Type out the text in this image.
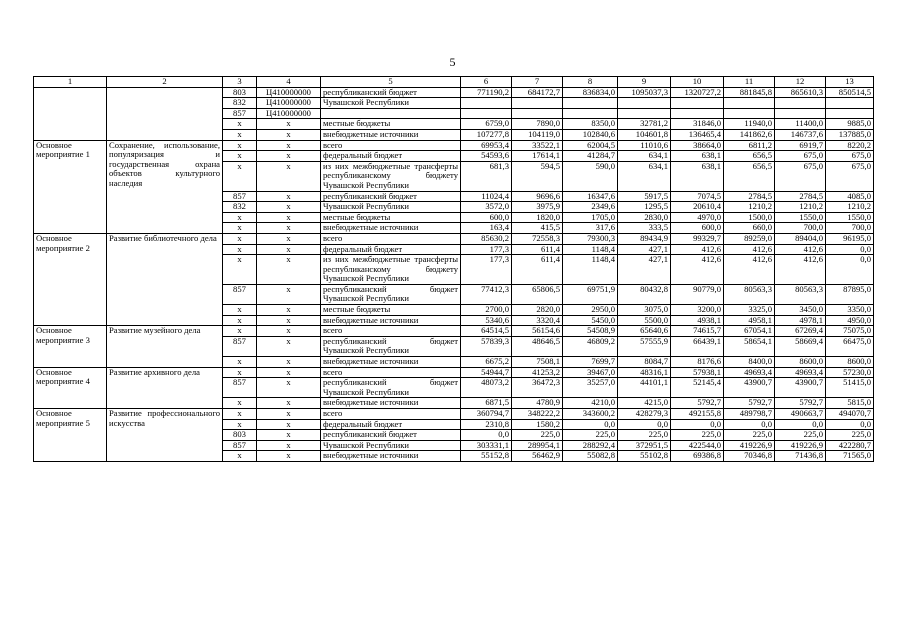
5
1	2	3	4	5	6	7	8	9	10	11	12	13
		803	Ц410000000	республиканский бюджет	771190,2	684172,7	836834,0	1095037,3	1320727,2	881845,8	865610,3	850514,5
		832	Ц410000000	Чувашской Республики								
		857	Ц410000000									
		х	х	местные бюджеты	6759,0	7890,0	8350,0	32781,2	31846,0	11940,0	11400,0	9885,0
		х	х	внебюджетные источники	107277,8	104119,0	102840,6	104601,8	136465,4	141862,6	146737,6	137885,0
Основное мероприятие 1	Сохранение, использование, популяризация и государственная охрана объектов культурного наследия	х	х	всего	69953,4	33522,1	62004,5	11010,6	38664,0	6811,2	6919,7	8220,2
		х	х	федеральный бюджет	54593,6	17614,1	41284,7	634,1	638,1	656,5	675,0	675,0
		х	х	из них межбюджетные трансферты республиканскому бюджету Чувашской Республики	681,3	594,5	590,0	634,1	638,1	656,5	675,0	675,0
		857	х	республиканский бюджет	11024,4	9696,6	16347,6	5917,5	7074,5	2784,5	2784,5	4085,0
		832	х	Чувашской Республики	3572,0	3975,9	2349,6	1295,5	20610,4	1210,2	1210,2	1210,2
		х	х	местные бюджеты	600,0	1820,0	1705,0	2830,0	4970,0	1500,0	1550,0	1550,0
		х	х	внебюджетные источники	163,4	415,5	317,6	333,5	600,0	660,0	700,0	700,0
Основное мероприятие 2	Развитие библиотечного дела	х	х	всего	85630,2	72558,3	79300,3	89434,9	99329,7	89259,0	89404,0	96195,0
		х	х	федеральный бюджет	177,3	611,4	1148,4	427,1	412,6	412,6	412,6	0,0
		х	х	из них межбюджетные трансферты республиканскому бюджету Чувашской Республики	177,3	611,4	1148,4	427,1	412,6	412,6	412,6	0,0
		857	х	республиканский бюджет Чувашской Республики	77412,3	65806,5	69751,9	80432,8	90779,0	80563,3	80563,3	87895,0
		х	х	местные бюджеты	2700,0	2820,0	2950,0	3075,0	3200,0	3325,0	3450,0	3350,0
		х	х	внебюджетные источники	5340,6	3320,4	5450,0	5500,0	4938,1	4958,1	4978,1	4950,0
Основное мероприятие 3	Развитие музейного дела	х	х	всего	64514,5	56154,6	54508,9	65640,6	74615,7	67054,1	67269,4	75075,0
		857	х	республиканский бюджет Чувашской Республики	57839,3	48646,5	46809,2	57555,9	66439,1	58654,1	58669,4	66475,0
		х	х	внебюджетные источники	6675,2	7508,1	7699,7	8084,7	8176,6	8400,0	8600,0	8600,0
Основное мероприятие 4	Развитие архивного дела	х	х	всего	54944,7	41253,2	39467,0	48316,1	57938,1	49693,4	49693,4	57230,0
		857	х	республиканский бюджет Чувашской Республики	48073,2	36472,3	35257,0	44101,1	52145,4	43900,7	43900,7	51415,0
		х	х	внебюджетные источники	6871,5	4780,9	4210,0	4215,0	5792,7	5792,7	5792,7	5815,0
Основное мероприятие 5	Развитие профессионального искусства	х	х	всего	360794,7	348222,2	343600,2	428279,3	492155,8	489798,7	490663,7	494070,7
		х	х	федеральный бюджет	2310,8	1580,2	0,0	0,0	0,0	0,0	0,0	0,0
		803	х	республиканский бюджет	0,0	225,0	225,0	225,0	225,0	225,0	225,0	225,0
		857	х	Чувашской Республики	303331,1	289954,1	288292,4	372951,5	422544,0	419226,9	419226,9	422280,7
		х	х	внебюджетные источники	55152,8	56462,9	55082,8	55102,8	69386,8	70346,8	71436,8	71565,0
